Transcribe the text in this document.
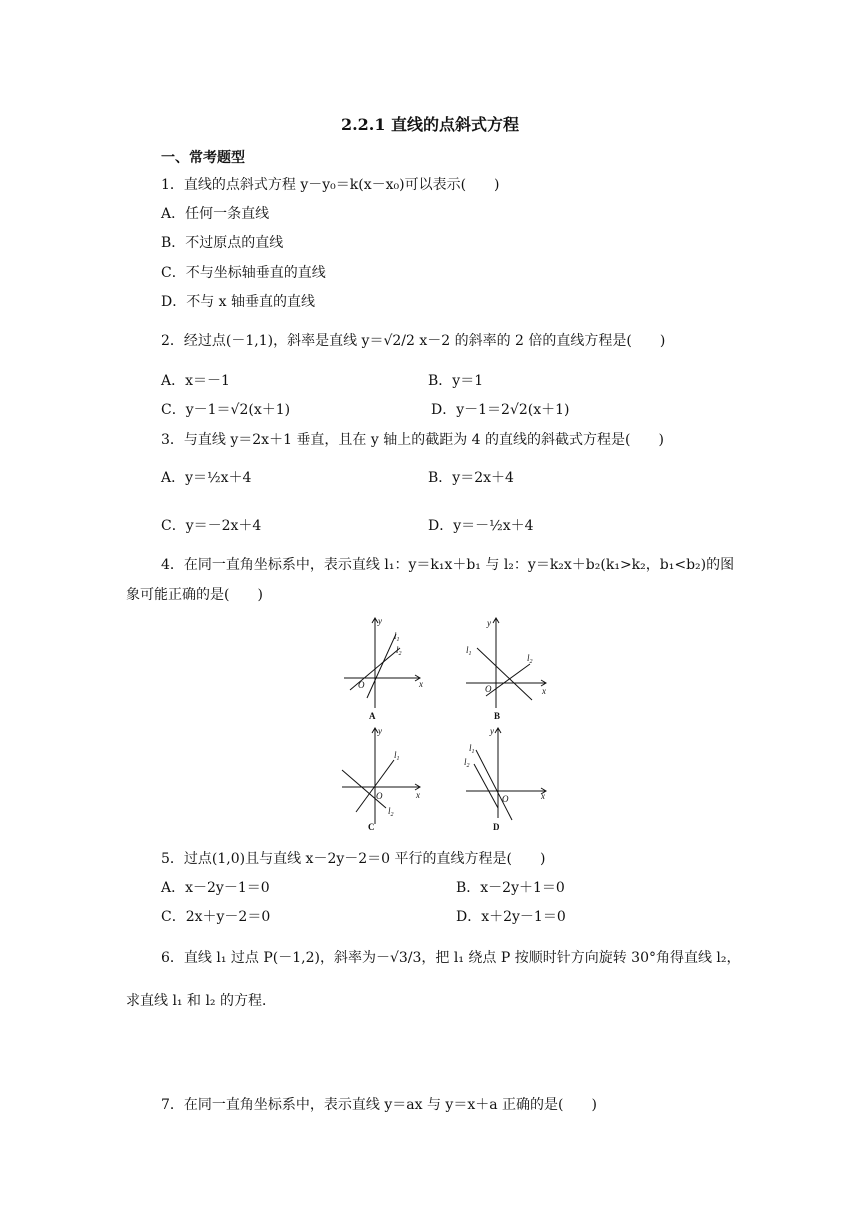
2.2.1 直线的点斜式方程
一、常考题型
1．直线的点斜式方程 y－y₀＝k(x－x₀)可以表示(　　)
A．任何一条直线
B．不过原点的直线
C．不与坐标轴垂直的直线
D．不与 x 轴垂直的直线
2．经过点(－1,1)，斜率是直线 y＝√2/2 x－2 的斜率的 2 倍的直线方程是(　　)
A．x＝－1	B．y＝1
C．y－1＝√2(x＋1)	D．y－1＝2√2(x＋1)
3．与直线 y＝2x＋1 垂直，且在 y 轴上的截距为 4 的直线的斜截式方程是(　　)
A．y＝½x＋4	B．y＝2x＋4
C．y＝－2x＋4	D．y＝－½x＋4
4．在同一直角坐标系中，表示直线 l₁：y＝k₁x＋b₁ 与 l₂：y＝k₂x＋b₂(k₁>k₂，b₁<b₂)的图
象可能正确的是(　　)
y
x
O
$l_1$
$l_2$
y
x
O
$l_1$	$l_2$
y
x
O
$l_1$
$l_2$
y
x
O
$l_1$
$l_2$
A	B
C	D
5．过点(1,0)且与直线 x－2y－2＝0 平行的直线方程是(　　)
A．x－2y－1＝0	B．x－2y＋1＝0
C．2x＋y－2＝0	D．x＋2y－1＝0
6．直线 l₁ 过点 P(－1,2)，斜率为－√3/3，把 l₁ 绕点 P 按顺时针方向旋转 30°角得直线 l₂，
求直线 l₁ 和 l₂ 的方程．
7．在同一直角坐标系中，表示直线 y＝ax 与 y＝x＋a 正确的是(　　)
